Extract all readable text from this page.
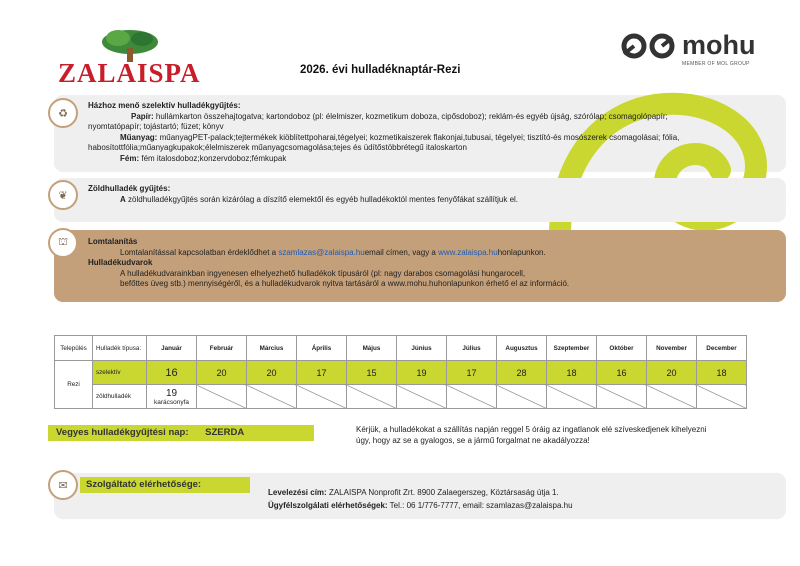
ZALAISPA	2026. évi hulladéknaptár-Rezi
mohu
MEMBER OF MOL GROUP
♻
Házhoz menő szelektív hulladékgyűjtés:
Papír: hullámkarton összehajtogatva; kartondoboz (pl: élelmiszer, kozmetikum doboza, cipősdoboz); reklám-és egyéb újság, szórólap; csomagolópapír;
nyomtatópapír; tojástartó; füzet; könyv
Műanyag: műanyagPET-palack;tejtermékek kiöblítettpoharai,tégelyei; kozmetikaiszerek flakonjai,tubusai, tégelyei; tisztító-és mosószerek csomagolásai; fólia,
habosítottfólia;műanyagkupakok;élelmiszerek műanyagcsomagolása;tejes és üdítőstöbbrétegű italoskarton
Fém: fém italosdoboz;konzervdoboz;fémkupak
❦
Zöldhulladék gyűjtés:
A zöldhulladékgyűjtés során kizárólag a díszítő elemektől és egyéb hulladékoktól mentes fenyőfákat szállítjuk el.
⛫	Lomtalanítás
Lomtalanítással kapcsolatban érdeklődhet a szamlazas@zalaispa.huemail címen, vagy a www.zalaispa.huhonlapunkon.
Hulladékudvarok
A hulladékudvarainkban ingyenesen elhelyezhető hulladékok típusáról (pl: nagy darabos csomagolási hungarocell,
befőttes üveg stb.) mennyiségéről, és a hulladékudvarok nyitva tartásáról a www.mohu.huhonlapunkon érhető el az információ.
Település	Hulladék típusa:	Január	Február	Március	Április	Május	Június	Július	Augusztus	Szeptember	Október	November	December
Rezi	szelektív	16	20	20	17	15	19	17	28	18	16	20	18
	zöldhulladék	19
karácsonyfa											

Vegyes hulladékgyűjtési nap: SZERDA	Kérjük, a hulladékokat a szállítás napján reggel 5 óráig az ingatlanok elé szíveskedjenek kihelyezni
úgy, hogy az se a gyalogos, se a jármű forgalmat ne akadályozza!
✉	Szolgáltató elérhetősége:
Levelezési cím: ZALAISPA Nonprofit Zrt. 8900 Zalaegerszeg, Köztársaság útja 1.
Ügyfélszolgálati elérhetőségek: Tel.: 06 1/776-7777, email: szamlazas@zalaispa.hu
